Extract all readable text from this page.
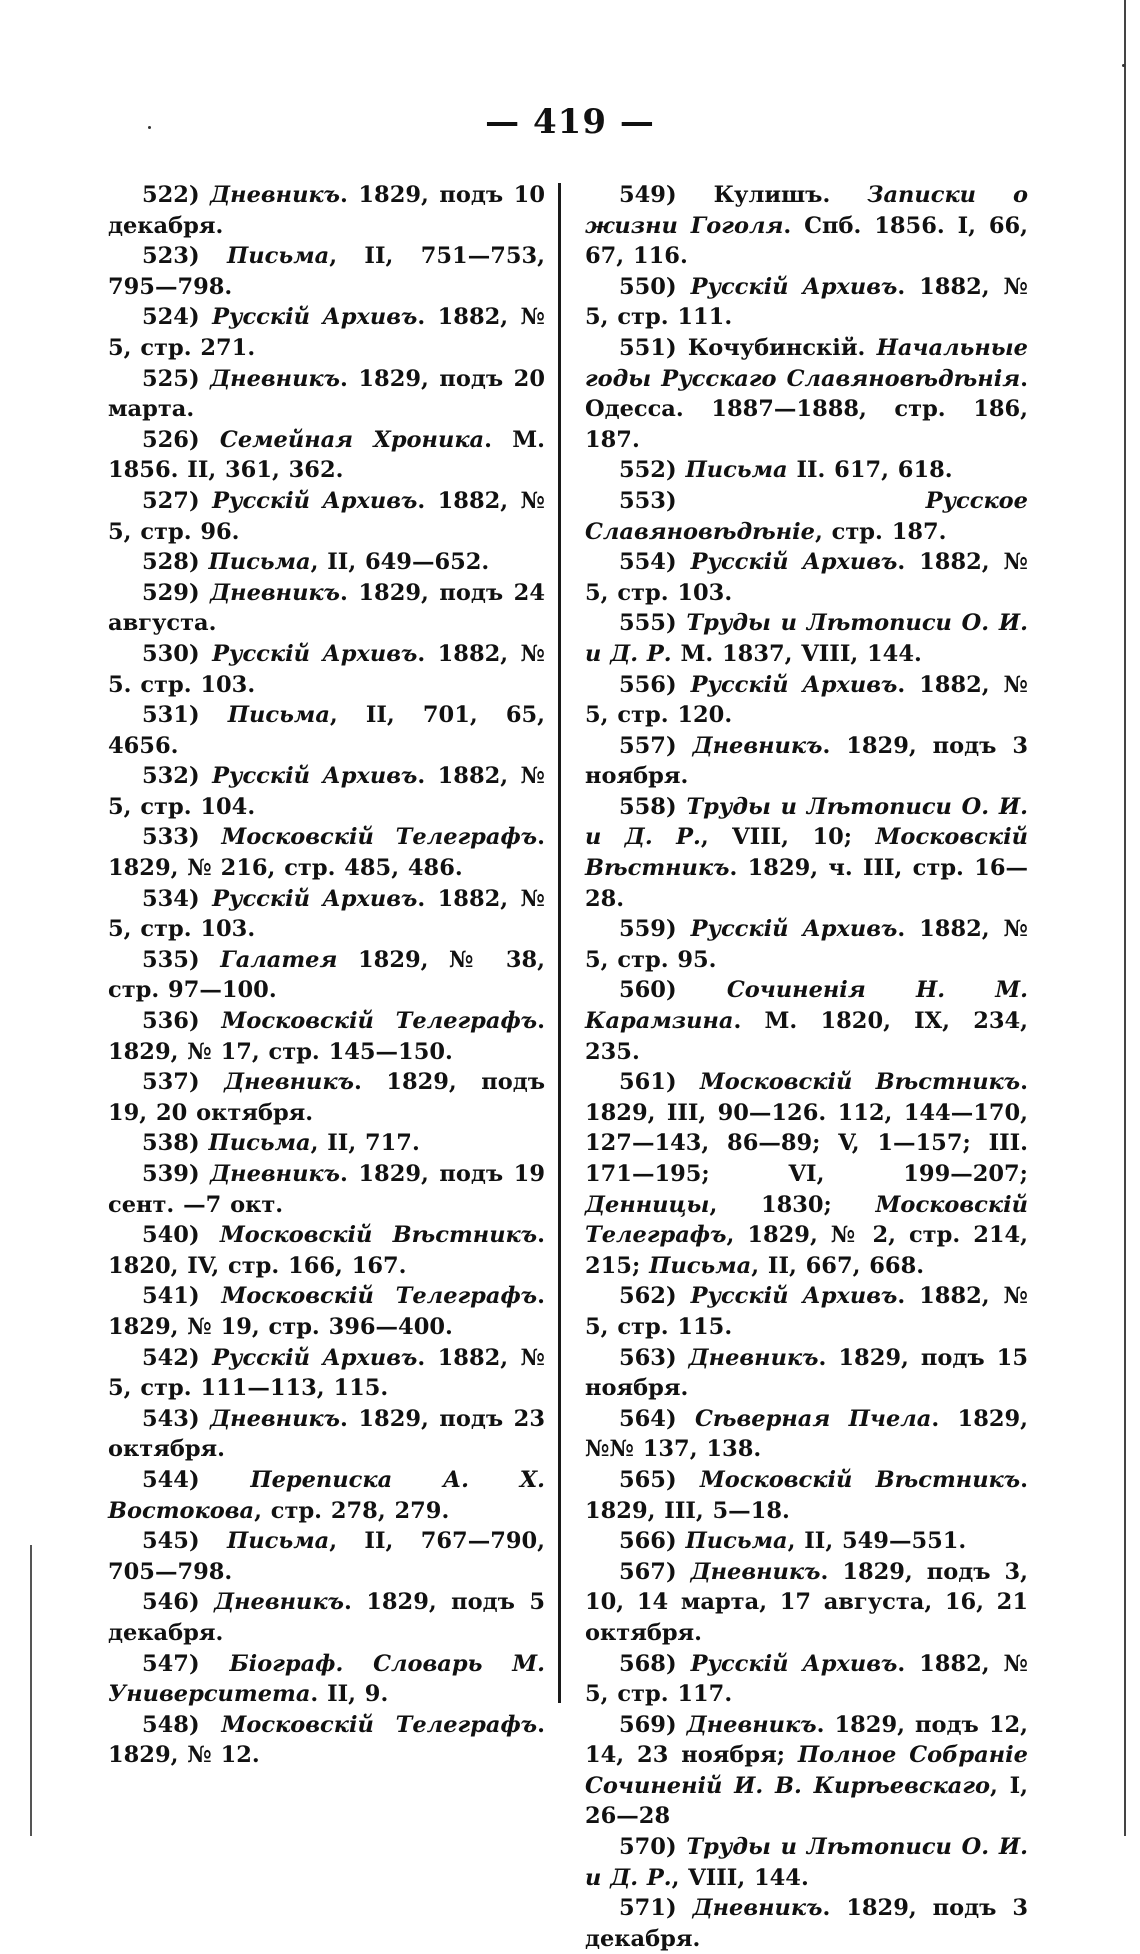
— 419 —

522) Дневникъ. 1829, подъ 10 декабря.

523) Письма, II, 751—753, 795—798.

524) Русскій Архивъ. 1882, № 5, стр. 271.

525) Дневникъ. 1829, подъ 20 марта.

526) Семейная Хроника. М. 1856. II, 361, 362.

527) Русскій Архивъ. 1882, № 5, стр. 96.

528) Письма, II, 649—652.

529) Дневникъ. 1829, подъ 24 августа.

530) Русскій Архивъ. 1882, № 5. стр. 103.

531) Письма, II, 701, 65, 4656.

532) Русскій Архивъ. 1882, № 5, стр. 104.

533) Московскій Телеграфъ. 1829, № 216, стр. 485, 486.

534) Русскій Архивъ. 1882, № 5, стр. 103.

535) Галатея 1829, № 38, стр. 97—100.

536) Московскій Телеграфъ. 1829, № 17, стр. 145—150.

537) Дневникъ. 1829, подъ 19, 20 октября.

538) Письма, II, 717.

539) Дневникъ. 1829, подъ 19 сент. —7 окт.

540) Московскій Вѣстникъ. 1820, IV, стр. 166, 167.

541) Московскій Телеграфъ. 1829, № 19, стр. 396—400.

542) Русскій Архивъ. 1882, № 5, стр. 111—113, 115.

543) Дневникъ. 1829, подъ 23 октября.

544) Переписка А. Х. Востокова, стр. 278, 279.

545) Письма, II, 767—790, 705—798.

546) Дневникъ. 1829, подъ 5 декабря.

547) Біограф. Словарь М. Университета. II, 9.

548) Московскій Телеграфъ. 1829, № 12.

549) Кулишъ. Записки о жизни Гоголя. Спб. 1856. I, 66, 67, 116.

550) Русскій Архивъ. 1882, № 5, стр. 111.

551) Кочубинскій. Начальные годы Русскаго Славяновѣдѣнія. Одесса. 1887—1888, стр. 186, 187.

552) Письма II. 617, 618.

553)	Русское Славяновѣдѣніе, стр. 187.

554) Русскій Архивъ. 1882, № 5, стр. 103.

555) Труды и Лѣтописи О. И. и Д. Р. М. 1837, VIII, 144.

556) Русскій Архивъ. 1882, № 5, стр. 120.

557) Дневникъ. 1829, подъ 3 ноября.

558) Труды и Лѣтописи О. И. и Д. Р., VIII, 10; Московскій Вѣстникъ. 1829, ч. III, стр. 16—28.

559) Русскій Архивъ. 1882, № 5, стр. 95.

560) Сочиненія Н. М. Карамзина. М. 1820, IX, 234, 235.

561) Московскій Вѣстникъ. 1829, III, 90—126. 112, 144—170, 127—143, 86—89; V, 1—157; III. 171—195; VI, 199—207; Денницы, 1830; Московскій Телеграфъ, 1829, № 2, стр. 214, 215; Письма, II, 667, 668.

562) Русскій Архивъ. 1882, № 5, стр. 115.

563) Дневникъ. 1829, подъ 15 ноября.

564) Сѣверная Пчела. 1829, №№ 137, 138.

565) Московскій Вѣстникъ. 1829, III, 5—18.

566) Письма, II, 549—551.

567) Дневникъ. 1829, подъ 3, 10, 14 марта, 17 августа, 16, 21 октября.

568) Русскій Архивъ. 1882, № 5, стр. 117.

569) Дневникъ. 1829, подъ 12, 14, 23 ноября; Полное Собраніе Сочиненій И. В. Кирѣевскаго, I, 26—28

570) Труды и Лѣтописи О. И. и Д. Р., VIII, 144.

571) Дневникъ. 1829, подъ 3 декабря.
